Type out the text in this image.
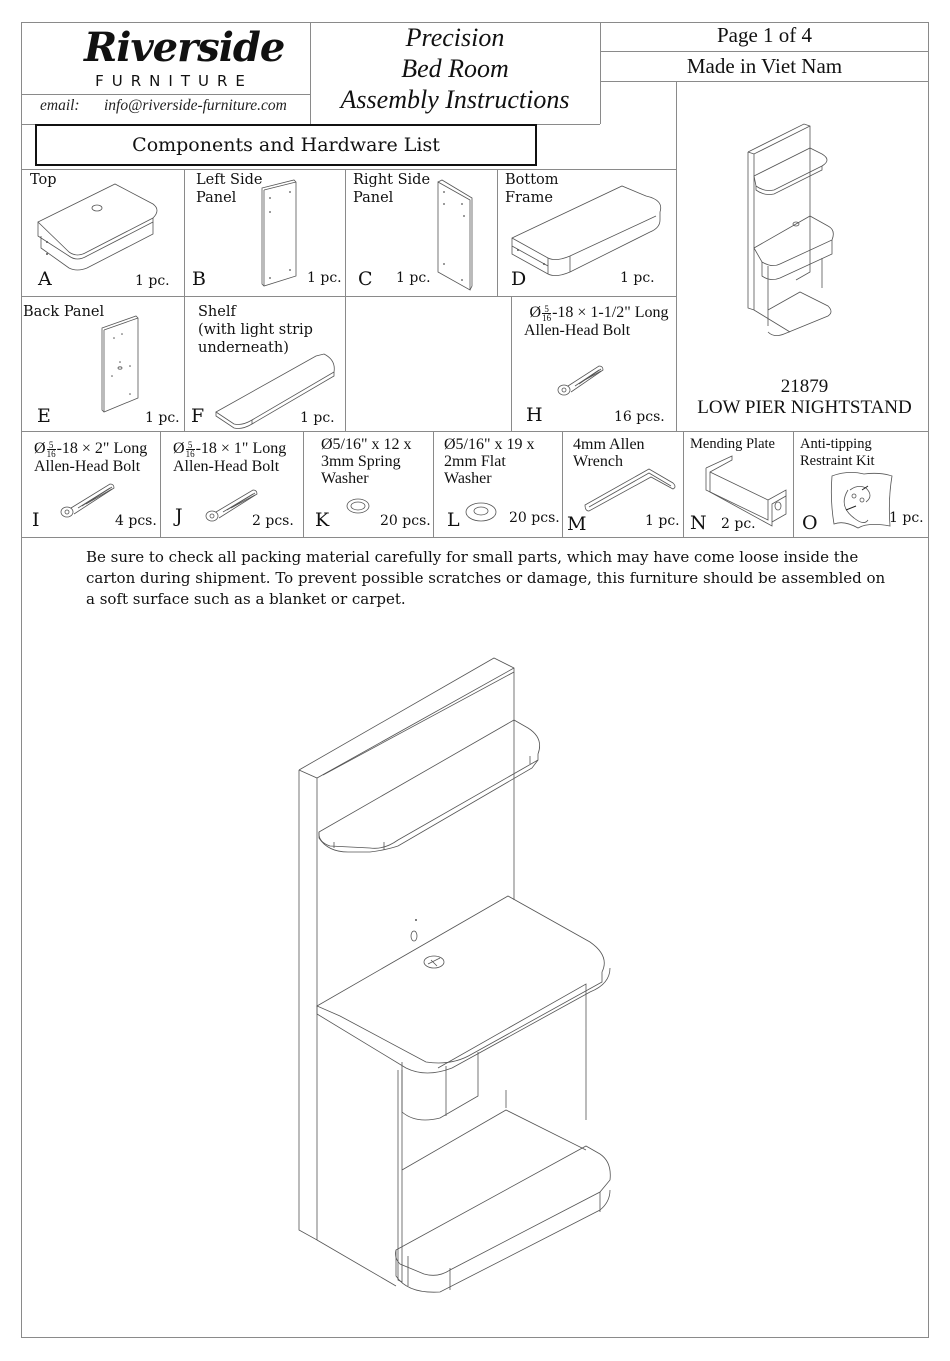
Riverside
FURNITURE
email: info@riverside-furniture.com
Precision
Bed Room
Assembly Instructions
Page 1 of 4
Made in Viet Nam
Components and Hardware List
Top
A	1 pc.
Left Side
Panel
B	1 pc.
Right Side
Panel
C 1 pc.
Bottom
Frame
D	1 pc.
Back Panel
E	1 pc.
Shelf
(with light strip
underneath)
F	1 pc.
Ø $\frac{5}{16} -18 \times 1-1/2$" Long
Allen-Head Bolt
H	16 pcs.
21879
LOW PIER NIGHTSTAND
Ø $\frac{5}{16} -18 \times 2$" Long
Allen-Head Bolt
I	4 pcs.
Ø $\frac{5}{16} -18 \times 1$" Long
Allen-Head Bolt
J	2 pcs.
Ø5/16" x 12 x
3mm Spring
Washer
K	20 pcs.
Ø5/16" x 19 x
2mm Flat
Washer
L	20 pcs.
4mm Allen
Wrench
M	1 pc.
Mending Plate
N 2 pc.
Anti-tipping
Restraint Kit
O	1 pc.
Be sure to check all packing material carefully for small parts, which may have come loose inside the carton during shipment. To prevent possible scratches or damage, this furniture should be assembled on a soft surface such as a blanket or carpet.
